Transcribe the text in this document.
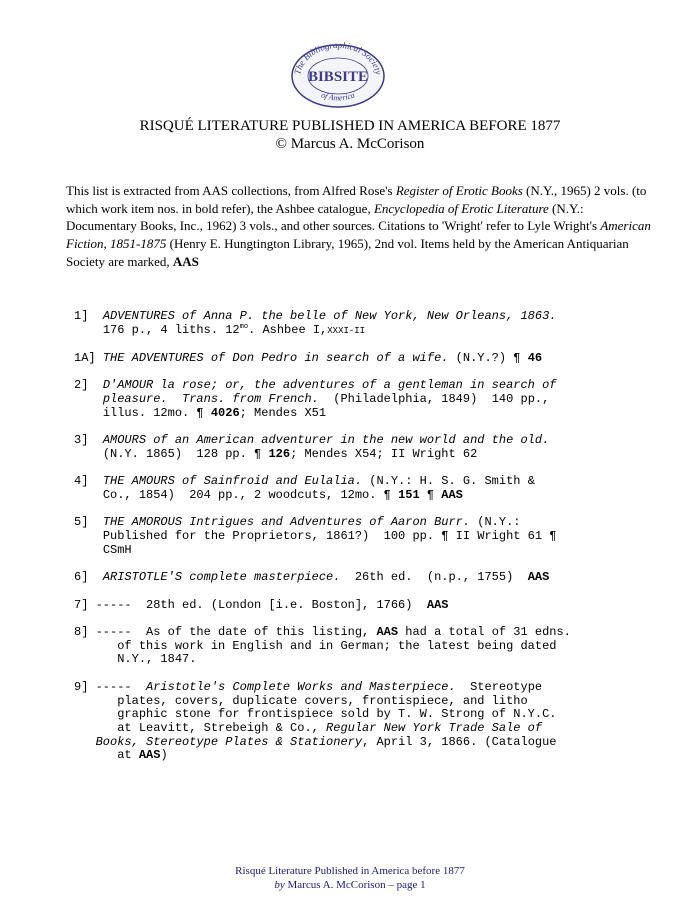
The Bibliographical Society
BIBSITE
of America
RISQUÉ LITERATURE PUBLISHED IN AMERICA BEFORE 1877
© Marcus A. McCorison
This list is extracted from AAS collections, from Alfred Rose's Register of Erotic Books (N.Y., 1965) 2 vols. (to which work item nos. in bold refer), the Ashbee catalogue, Encyclopedia of Erotic Literature (N.Y.: Documentary Books, Inc., 1962) 3 vols., and other sources. Citations to 'Wright' refer to Lyle Wright's American Fiction, 1851-1875 (Henry E. Hungtington Library, 1965), 2nd vol. Items held by the American Antiquarian Society are marked, AAS
1] ADVENTURES of Anna P. the belle of New York, New Orleans, 1863.
176 p., 4 liths. $12^{mo}$. Ashbee I,XXXI-II
1A] THE ADVENTURES of Don Pedro in search of a wife. (N.Y.?) ¶ 46
2] D'AMOUR la rose; or, the adventures of a gentleman in search of
pleasure.  Trans. from French.  (Philadelphia, 1849)  140 pp.,
illus. 12mo. ¶ 4026; Mendes X51
3] AMOURS of an American adventurer in the new world and the old.
(N.Y. 1865)  128 pp. ¶ 126; Mendes X54; II Wright 62
4] THE AMOURS of Sainfroid and Eulalia. (N.Y.: H. S. G. Smith &
Co., 1854)  204 pp., 2 woodcuts, 12mo. ¶ 151 ¶ AAS
5] THE AMOROUS Intrigues and Adventures of Aaron Burr. (N.Y.:
Published for the Proprietors, 1861?)  100 pp. ¶ II Wright 61 ¶
CSmH
6] ARISTOTLE'S complete masterpiece.  26th ed.  (n.p., 1755)  AAS
7] -----  28th ed. (London [i.e. Boston], 1766)  AAS
8] -----  As of the date of this listing, AAS had a total of 31 edns.
of this work in English and in German; the latest being dated
N.Y., 1847.
9] -----  Aristotle's Complete Works and Masterpiece.  Stereotype
plates, covers, duplicate covers, frontispiece, and litho
graphic stone for frontispiece sold by T. W. Strong of N.Y.C.
at Leavitt, Strebeigh & Co., Regular New York Trade Sale of
Books, Stereotype Plates & Stationery, April 3, 1866. (Catalogue
at AAS)
Risqué Literature Published in America before 1877
by Marcus A. McCorison – page 1
